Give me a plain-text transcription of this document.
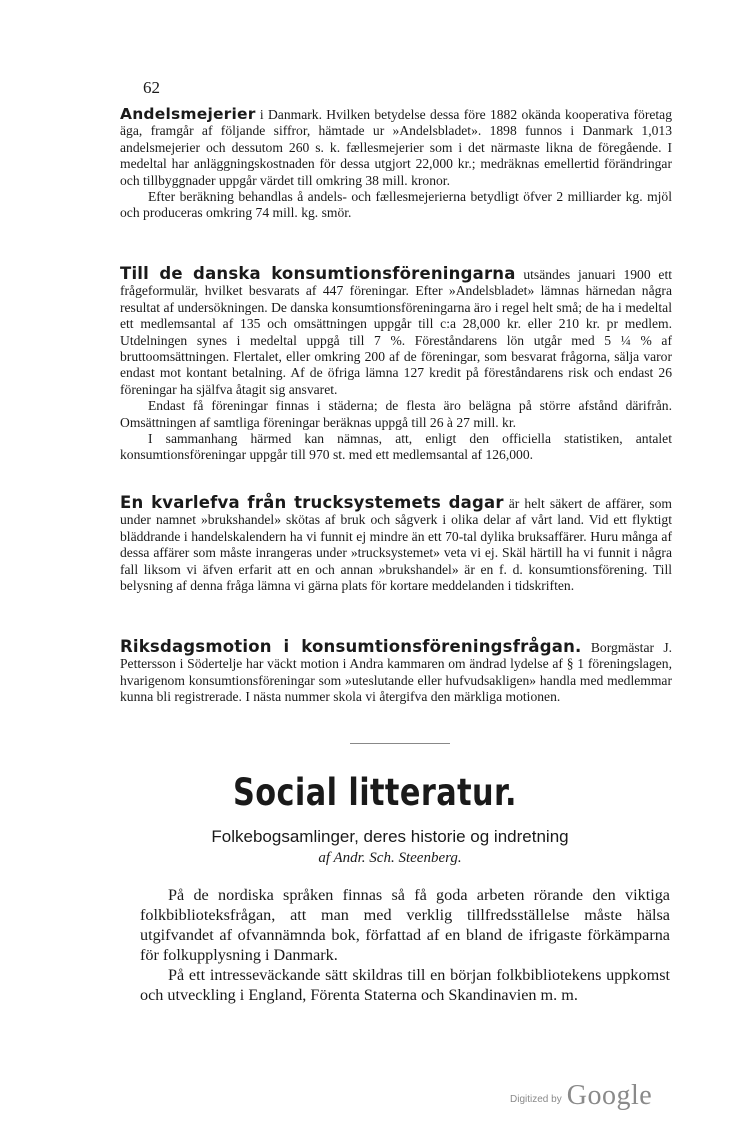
62

Andelsmejerier i Danmark. Hvilken betydelse dessa före 1882 okända kooperativa företag äga, framgår af följande siffror, hämtade ur »Andelsbladet». 1898 funnos i Danmark 1,013 andelsmejerier och dessutom 260 s. k. fællesmejerier som i det närmaste likna de föregående. I medeltal har anläggningskostnaden för dessa utgjort 22,000 kr.; medräknas emellertid förändringar och tillbyggnader uppgår värdet till omkring 38 mill. kronor.

Efter beräkning behandlas å andels- och fællesmejerierna betydligt öfver 2 milliarder kg. mjöl och produceras omkring 74 mill. kg. smör.

Till de danska konsumtionsföreningarna utsändes januari 1900 ett frågeformulär, hvilket besvarats af 447 föreningar. Efter »Andelsbladet» lämnas härnedan några resultat af undersökningen. De danska konsumtionsföreningarna äro i regel helt små; de ha i medeltal ett medlemsantal af 135 och omsättningen uppgår till c:a 28,000 kr. eller 210 kr. pr medlem. Utdelningen synes i medeltal uppgå till 7 %. Föreståndarens lön utgår med 5 ¼ % af bruttoomsättningen. Flertalet, eller omkring 200 af de föreningar, som besvarat frågorna, sälja varor endast mot kontant betalning. Af de öfriga lämna 127 kredit på föreståndarens risk och endast 26 föreningar ha själfva åtagit sig ansvaret.

Endast få föreningar finnas i städerna; de flesta äro belägna på större afstånd därifrån. Omsättningen af samtliga föreningar beräknas uppgå till 26 à 27 mill. kr.

I sammanhang härmed kan nämnas, att, enligt den officiella statistiken, antalet konsumtionsföreningar uppgår till 970 st. med ett medlemsantal af 126,000.

En kvarlefva från trucksystemets dagar är helt säkert de affärer, som under namnet »brukshandel» skötas af bruk och sågverk i olika delar af vårt land. Vid ett flyktigt bläddrande i handelskalendern ha vi funnit ej mindre än ett 70-tal dylika bruksaffärer. Huru många af dessa affärer som måste inrangeras under »trucksystemet» veta vi ej. Skäl härtill ha vi funnit i några fall liksom vi äfven erfarit att en och annan »brukshandel» är en f. d. konsumtionsförening. Till belysning af denna fråga lämna vi gärna plats för kortare meddelanden i tidskriften.

Riksdagsmotion i konsumtionsföreningsfrågan. Borgmästar J. Pettersson i Södertelje har väckt motion i Andra kammaren om ändrad lydelse af § 1 föreningslagen, hvarigenom konsumtionsföreningar som »uteslutande eller hufvudsakligen» handla med medlemmar kunna bli registrerade. I nästa nummer skola vi återgifva den märkliga motionen.

Social litteratur.
Folkebogsamlinger, deres historie og indretning
af Andr. Sch. Steenberg.

På de nordiska språken finnas så få goda arbeten rörande den viktiga folkbiblioteksfrågan, att man med verklig tillfredsställelse måste hälsa utgifvandet af ofvannämnda bok, författad af en bland de ifrigaste förkämparna för folkupplysning i Danmark.

På ett intresseväckande sätt skildras till en början folkbibliotekens uppkomst och utveckling i England, Förenta Staterna och Skandinavien m. m.

Digitized by Google
